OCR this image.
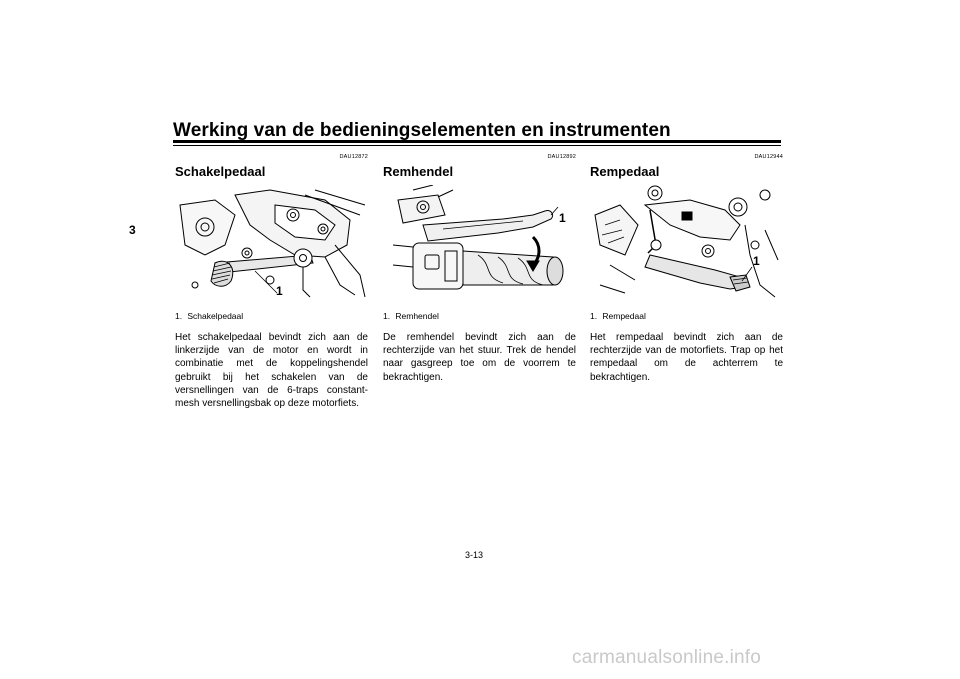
Werking van de bedieningselementen en instrumenten
3
DAU12872
Schakelpedaal
1
1. Schakelpedaal
Het schakelpedaal bevindt zich aan de linkerzijde van de motor en wordt in combinatie met de koppelingshendel gebruikt bij het schakelen van de versnellingen van de 6-traps constant-mesh versnellingsbak op deze motorfiets.
DAU12892
Remhendel
1
1. Remhendel
De remhendel bevindt zich aan de rechterzijde van het stuur. Trek de hendel naar gasgreep toe om de voorrem te bekrachtigen.
DAU12944
Rempedaal
1
1. Rempedaal
Het rempedaal bevindt zich aan de rechterzijde van de motorfiets. Trap op het rempedaal om de achterrem te bekrachtigen.
3-13
carmanualsonline.info
